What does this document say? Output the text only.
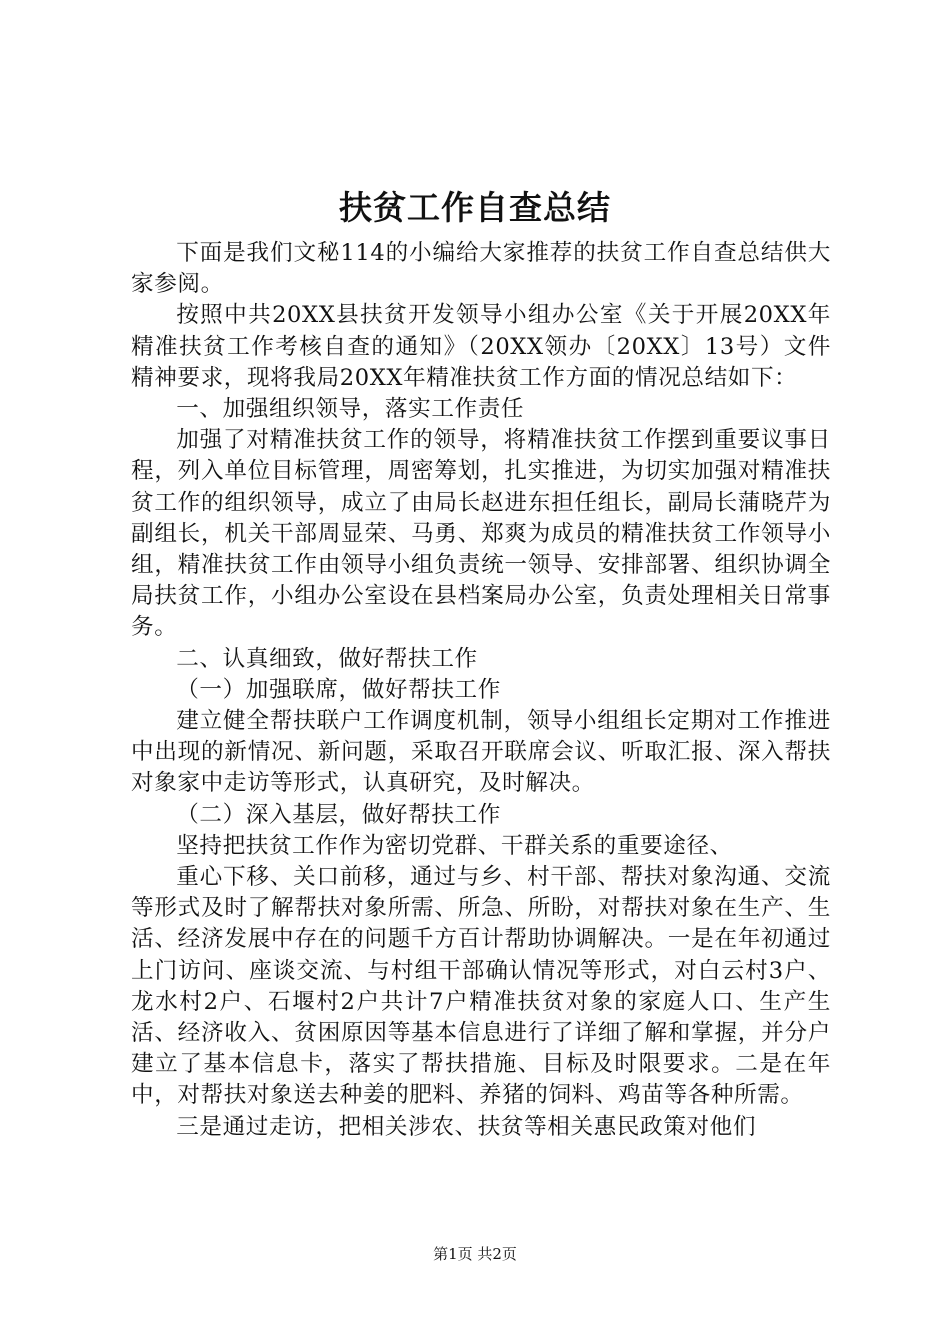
扶贫工作自查总结

下面是我们文秘114的小编给大家推荐的扶贫工作自查总结供大家参阅。

按照中共20XX县扶贫开发领导小组办公室《关于开展20XX年精准扶贫工作考核自查的通知》（20XX领办〔20XX〕13号）文件精神要求，现将我局20XX年精准扶贫工作方面的情况总结如下：

一、加强组织领导，落实工作责任

加强了对精准扶贫工作的领导，将精准扶贫工作摆到重要议事日程，列入单位目标管理，周密筹划，扎实推进，为切实加强对精准扶贫工作的组织领导，成立了由局长赵进东担任组长，副局长蒲晓芹为副组长，机关干部周显荣、马勇、郑爽为成员的精准扶贫工作领导小组，精准扶贫工作由领导小组负责统一领导、安排部署、组织协调全局扶贫工作，小组办公室设在县档案局办公室，负责处理相关日常事务。

二、认真细致，做好帮扶工作

（一）加强联席，做好帮扶工作

建立健全帮扶联户工作调度机制，领导小组组长定期对工作推进中出现的新情况、新问题，采取召开联席会议、听取汇报、深入帮扶对象家中走访等形式，认真研究，及时解决。

（二）深入基层，做好帮扶工作

坚持把扶贫工作作为密切党群、干群关系的重要途径、

重心下移、关口前移，通过与乡、村干部、帮扶对象沟通、交流等形式及时了解帮扶对象所需、所急、所盼，对帮扶对象在生产、生活、经济发展中存在的问题千方百计帮助协调解决。一是在年初通过上门访问、座谈交流、与村组干部确认情况等形式，对白云村3户、龙水村2户、石堰村2户共计7户精准扶贫对象的家庭人口、生产生活、经济收入、贫困原因等基本信息进行了详细了解和掌握，并分户建立了基本信息卡，落实了帮扶措施、目标及时限要求。二是在年中，对帮扶对象送去种姜的肥料、养猪的饲料、鸡苗等各种所需。

三是通过走访，把相关涉农、扶贫等相关惠民政策对他们

第1页 共2页
